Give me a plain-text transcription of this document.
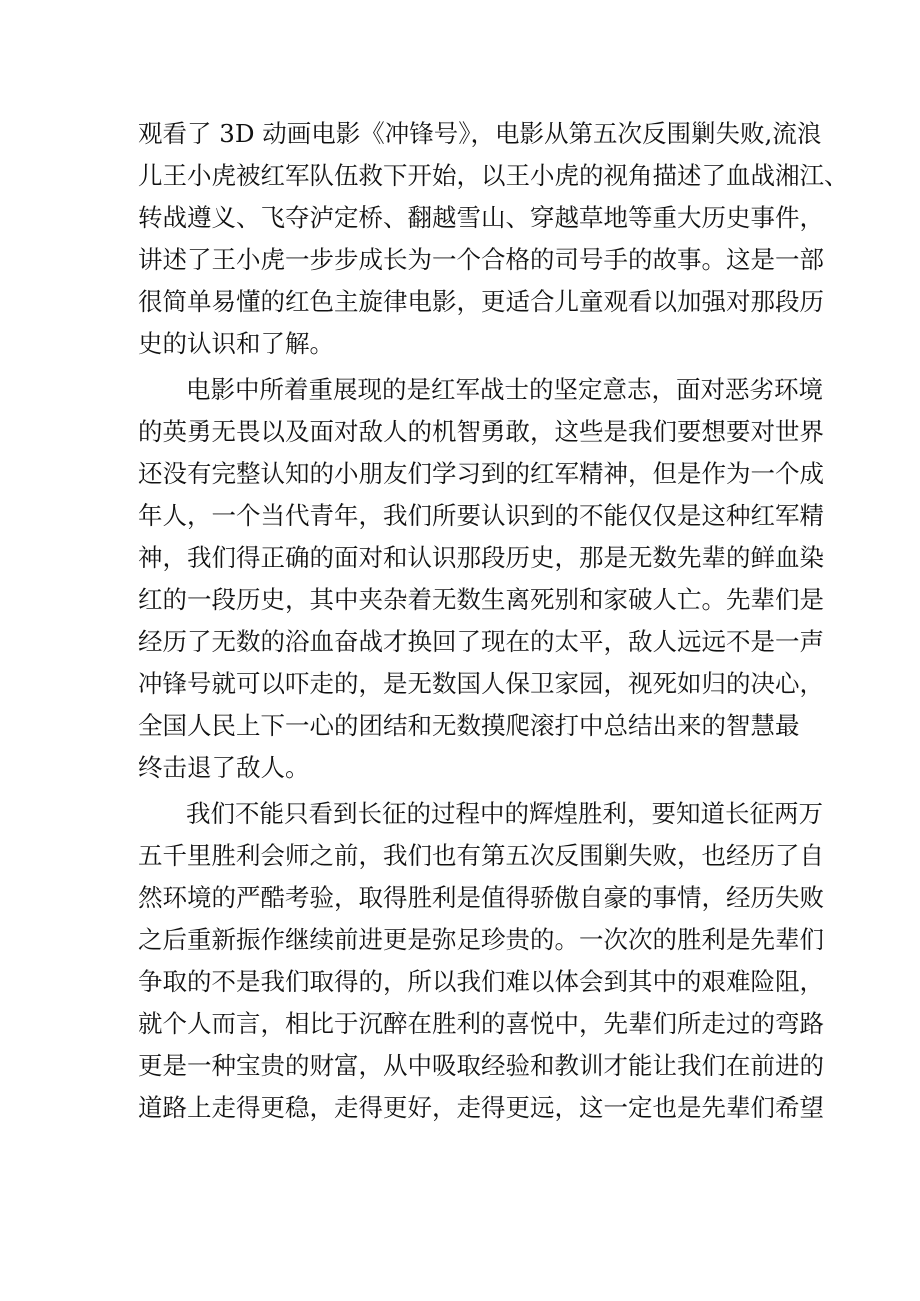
观看了 3D 动画电影《冲锋号》，电影从第五次反围剿失败,流浪
儿王小虎被红军队伍救下开始，以王小虎的视角描述了血战湘江、
转战遵义、飞夺泸定桥、翻越雪山、穿越草地等重大历史事件，
讲述了王小虎一步步成长为一个合格的司号手的故事。这是一部
很简单易懂的红色主旋律电影，更适合儿童观看以加强对那段历
史的认识和了解。
电影中所着重展现的是红军战士的坚定意志，面对恶劣环境
的英勇无畏以及面对敌人的机智勇敢，这些是我们要想要对世界
还没有完整认知的小朋友们学习到的红军精神，但是作为一个成
年人，一个当代青年，我们所要认识到的不能仅仅是这种红军精
神，我们得正确的面对和认识那段历史，那是无数先辈的鲜血染
红的一段历史，其中夹杂着无数生离死别和家破人亡。先辈们是
经历了无数的浴血奋战才换回了现在的太平，敌人远远不是一声
冲锋号就可以吓走的，是无数国人保卫家园，视死如归的决心，
全国人民上下一心的团结和无数摸爬滚打中总结出来的智慧最
终击退了敌人。
我们不能只看到长征的过程中的辉煌胜利，要知道长征两万
五千里胜利会师之前，我们也有第五次反围剿失败，也经历了自
然环境的严酷考验，取得胜利是值得骄傲自豪的事情，经历失败
之后重新振作继续前进更是弥足珍贵的。一次次的胜利是先辈们
争取的不是我们取得的，所以我们难以体会到其中的艰难险阻，
就个人而言，相比于沉醉在胜利的喜悦中，先辈们所走过的弯路
更是一种宝贵的财富，从中吸取经验和教训才能让我们在前进的
道路上走得更稳，走得更好，走得更远，这一定也是先辈们希望
